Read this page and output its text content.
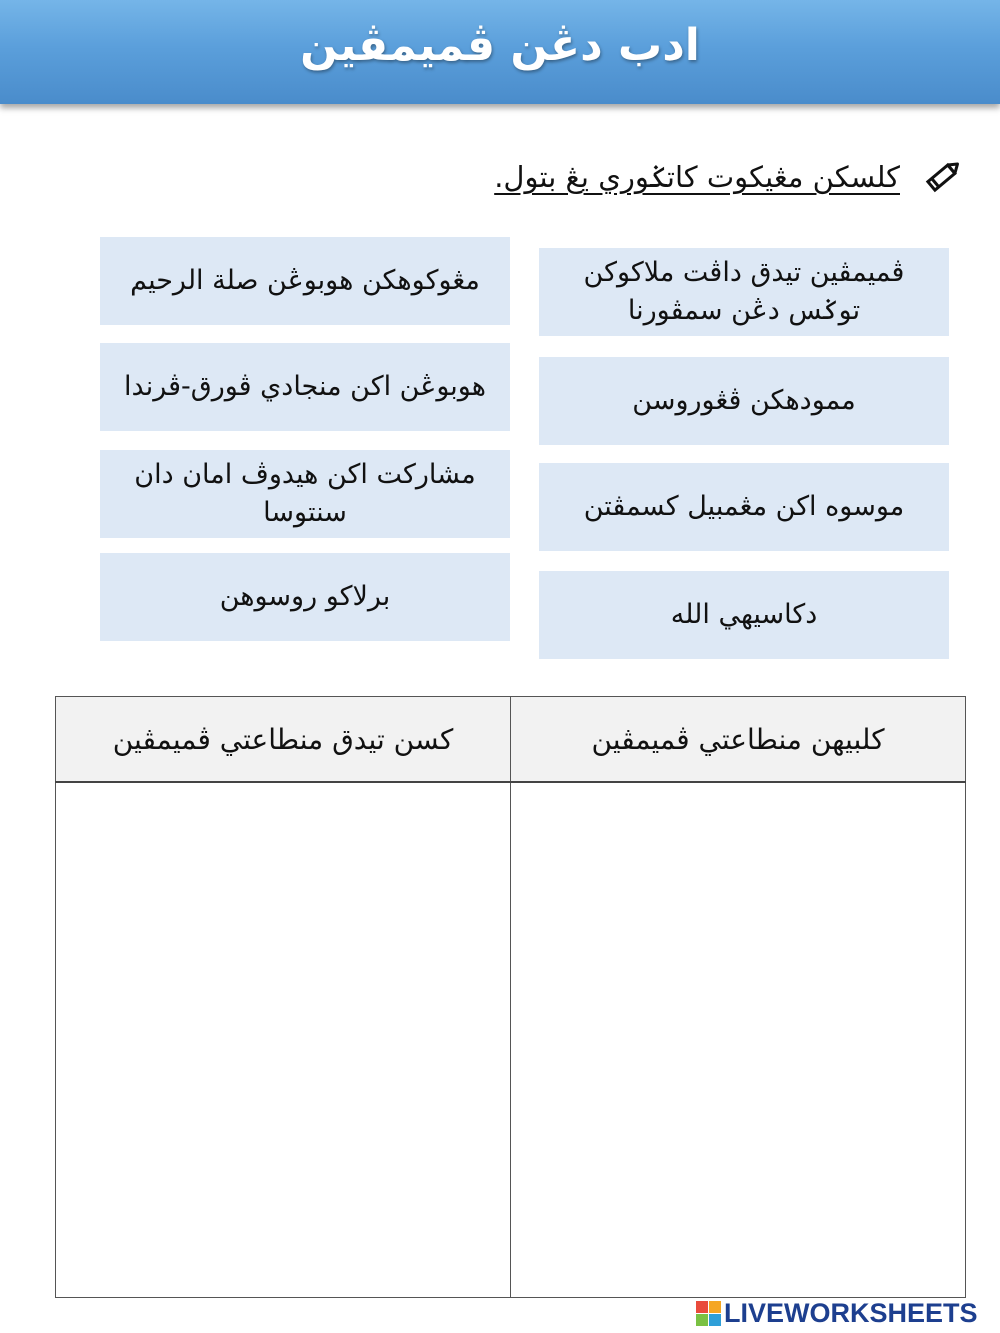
ادب دڠن ڤميمڤين
كلسكن مڠيكوت كاتݢوري يڠ بتول.
مڠوكوهكن هوبوڠن صلة الرحيم
هوبوڠن اكن منجادي ڤورق-ڤرندا
مشاركت اكن هيدوڤ امان دان سنتوسا
برلاكو روسوهن
ڤميمڤين تيدق داڤت ملاكوكن توݢس دڠن سمڤورنا
ممودهكن ڤڠوروسن
موسوه اكن مڠمبيل كسمڤتن
دكاسيهي الله
كسن تيدق منطاعتي ڤميمڤين	كلبيهن منطاعتي ڤميمڤين

LIVEWORKSHEETS
